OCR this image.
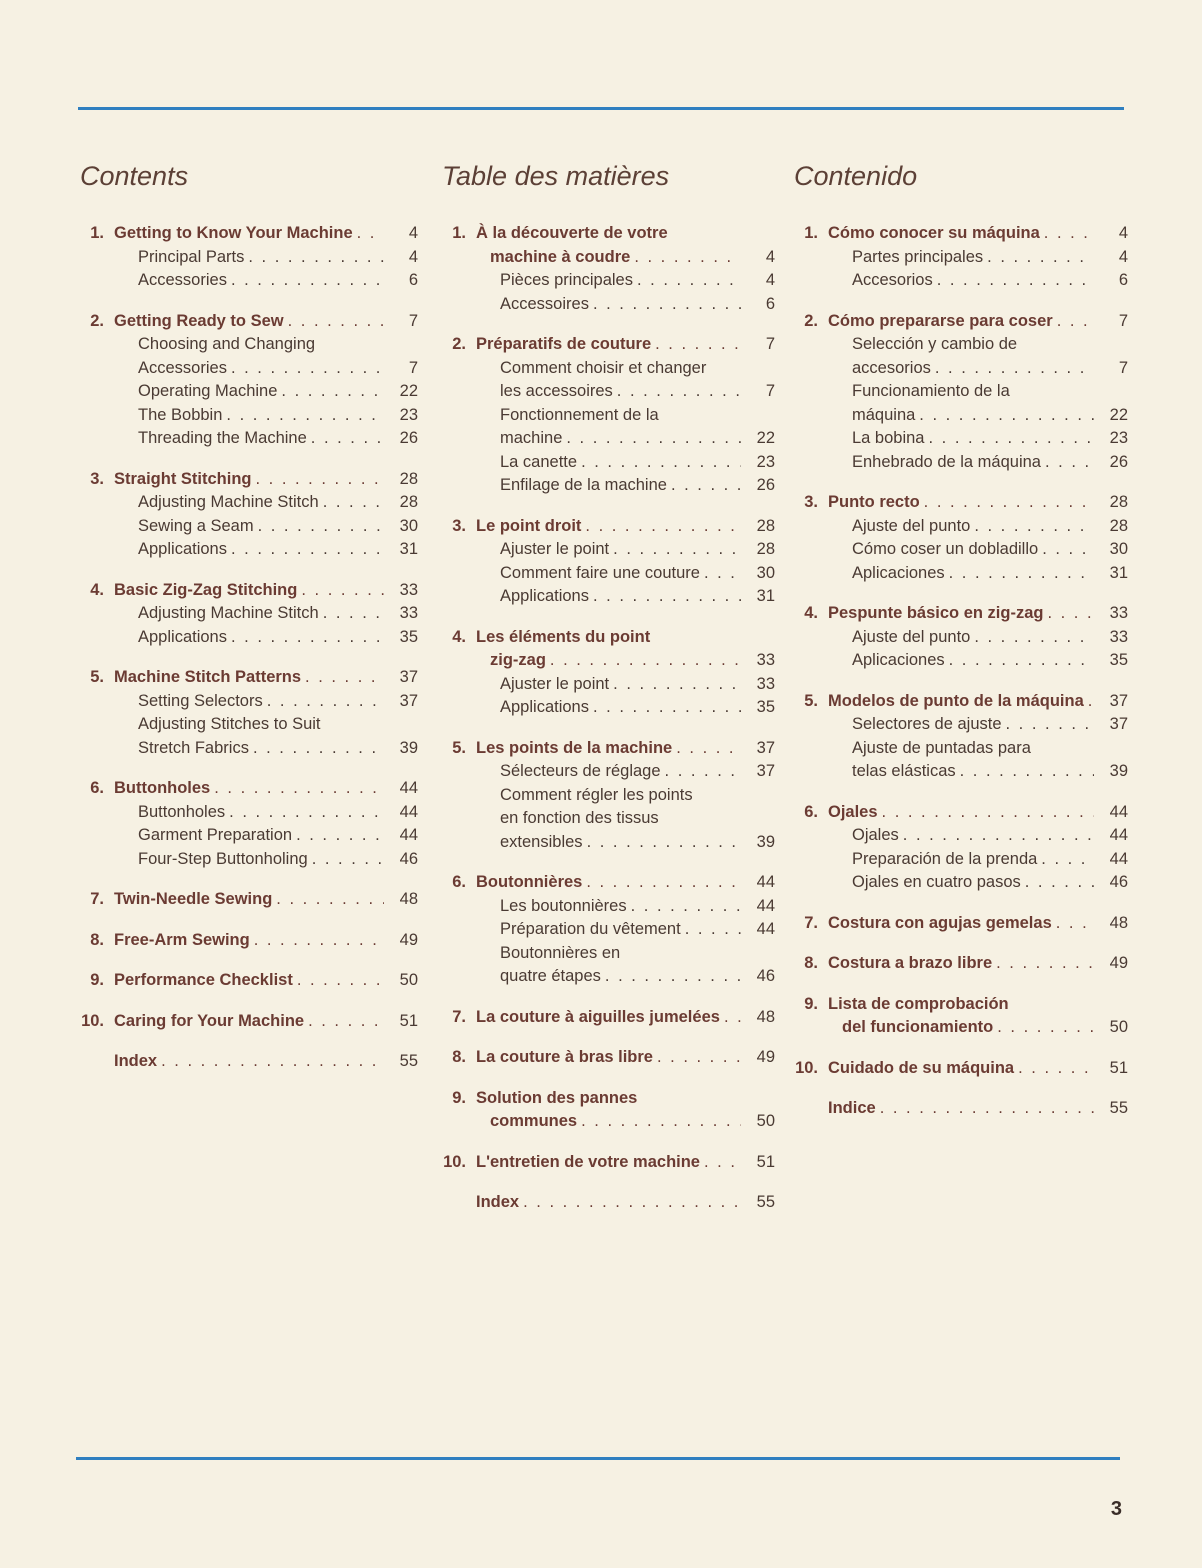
Contents
1. Getting to Know Your Machine . . .	4
Principal Parts . . .	4
Accessories . . .	6
2. Getting Ready to Sew . . .	7
Choosing and Changing
Accessories . . .	7
Operating Machine . . .	22
The Bobbin . . .	23
Threading the Machine . . .	26
3. Straight Stitching . . .	28
Adjusting Machine Stitch . . .	28
Sewing a Seam . . .	30
Applications . . .	31
4. Basic Zig-Zag Stitching . . .	33
Adjusting Machine Stitch . . .	33
Applications . . .	35
5. Machine Stitch Patterns . . .	37
Setting Selectors . . .	37
Adjusting Stitches to Suit
Stretch Fabrics . . .	39
6. Buttonholes . . .	44
Buttonholes . . .	44
Garment Preparation . . .	44
Four-Step Buttonholing . . .	46
7. Twin-Needle Sewing . . .	48
8. Free-Arm Sewing . . .	49
9. Performance Checklist . . .	50
10. Caring for Your Machine . . .	51
Index . . .	55
Table des matières
1. À la découverte de votre
machine à coudre . . .	4
Pièces principales . . .	4
Accessoires . . .	6
2. Préparatifs de couture . . .	7
Comment choisir et changer
les accessoires . . .	7
Fonctionnement de la
machine . . .	22
La canette . . .	23
Enfilage de la machine . . .	26
3. Le point droit . . .	28
Ajuster le point . . .	28
Comment faire une couture . . .	30
Applications . . .	31
4. Les éléments du point
zig-zag . . .	33
Ajuster le point . . .	33
Applications . . .	35
5. Les points de la machine . . .	37
Sélecteurs de réglage . . .	37
Comment régler les points
en fonction des tissus
extensibles . . .	39
6. Boutonnières . . .	44
Les boutonnières . . .	44
Préparation du vêtement . . .	44
Boutonnières en
quatre étapes . . .	46
7. La couture à aiguilles jumelées . . .	48
8. La couture à bras libre . . .	49
9. Solution des pannes
communes . . .	50
10. L'entretien de votre machine . . .	51
Index . . .	55
Contenido
1. Cómo conocer su máquina . . .	4
Partes principales . . .	4
Accesorios . . .	6
2. Cómo prepararse para coser . . .	7
Selección y cambio de
accesorios . . .	7
Funcionamiento de la
máquina . . .	22
La bobina . . .	23
Enhebrado de la máquina . . .	26
3. Punto recto . . .	28
Ajuste del punto . . .	28
Cómo coser un dobladillo . . .	30
Aplicaciones . . .	31
4. Pespunte básico en zig-zag . . .	33
Ajuste del punto . . .	33
Aplicaciones . . .	35
5. Modelos de punto de la máquina . . .	37
Selectores de ajuste . . .	37
Ajuste de puntadas para
telas elásticas . . .	39
6. Ojales . . .	44
Ojales . . .	44
Preparación de la prenda . . .	44
Ojales en cuatro pasos . . .	46
7. Costura con agujas gemelas . . .	48
8. Costura a brazo libre . . .	49
9. Lista de comprobación
del funcionamiento . . .	50
10. Cuidado de su máquina . . .	51
Indice . . .	55
3
